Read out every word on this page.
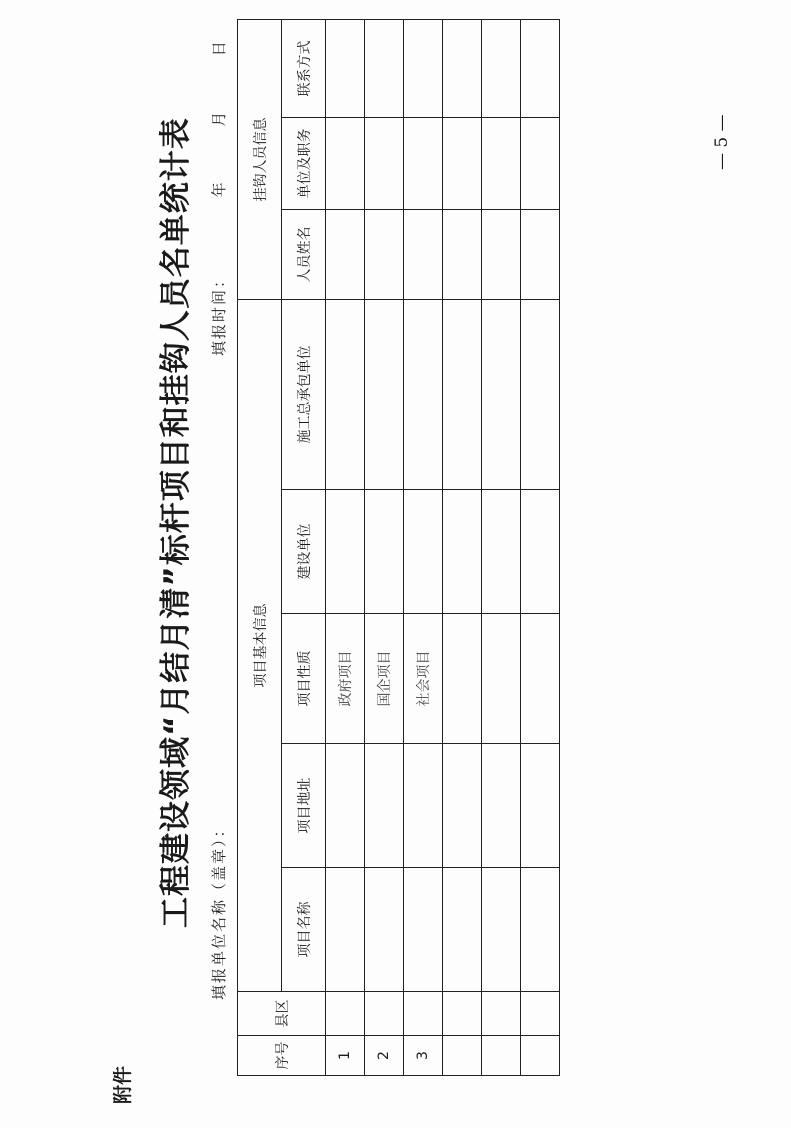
附件
工程建设领域“月结月清”标杆项目和挂钩人员名单统计表 填报单位名称（盖章）：
填报时间：  年  月  日
序号	县区	项目基本信息					挂钩人员信息		
		项目名称	项目地址	项目性质	建设单位	施工总承包单位	人员姓名	单位及职务	联系方式
1				政府项目					
2				国企项目					
3				社会项目					

— 5 —
